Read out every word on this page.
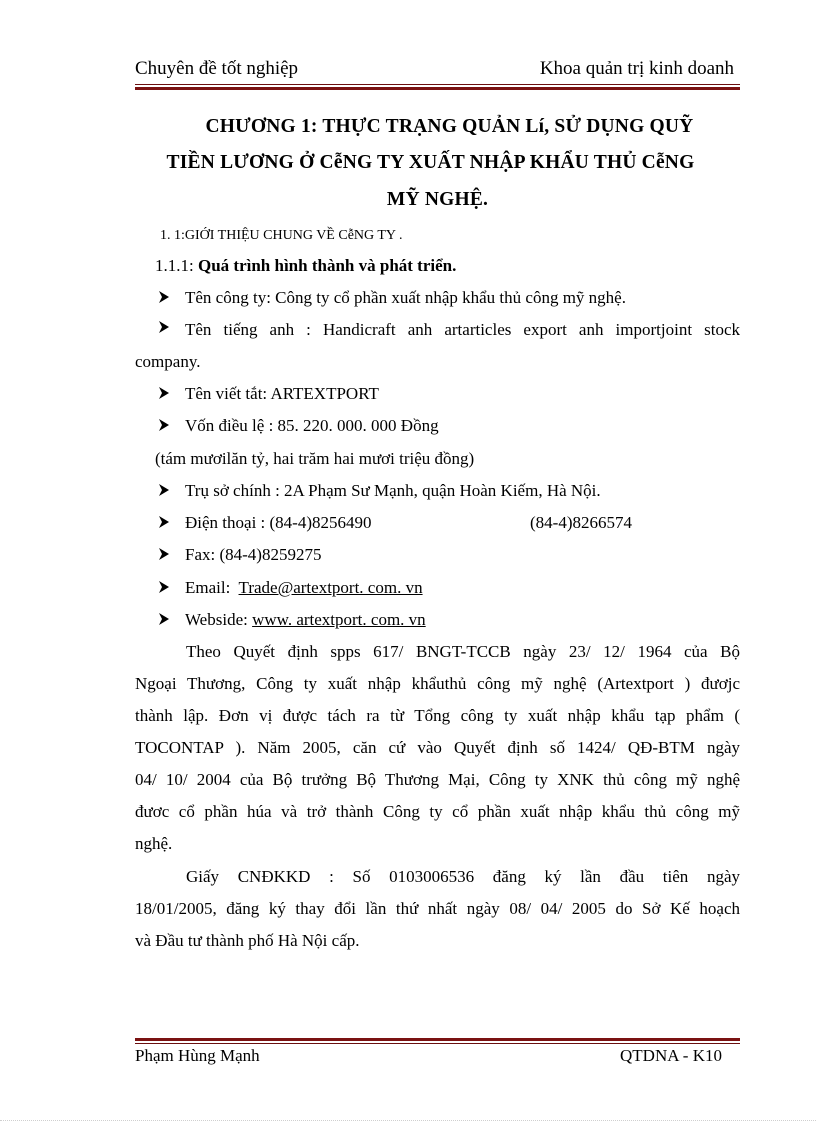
Chuyên đề tốt nghiệp	Khoa quản trị kinh doanh
CHƯƠNG 1: THỰC TRẠNG QUẢN Lí, SỬ DỤNG QUỸ
TIỀN LƯƠNG Ở CễNG TY XUẤT NHẬP KHẨU THỦ CễNG
MỸ NGHỆ.
1. 1:GIỚI THIỆU CHUNG VỀ CễNG TY .
1.1.1: Quá trình hình thành và phát triển.
Tên công ty: Công ty cổ phần xuất nhập khẩu thủ công mỹ nghệ.
Tên tiếng anh : Handicraft anh artarticles export anh importjoint stock
company.
Tên viết tắt: ARTEXTPORT
Vốn điều lệ : 85. 220. 000. 000 Đồng
(tám mươilăn tỷ, hai trăm hai mươi triệu đồng)
Trụ sở chính : 2A Phạm Sư Mạnh, quận Hoàn Kiếm, Hà Nội.
Điện thoại : (84-4)8256490	(84-4)8266574
Fax: (84-4)8259275
Email: Trade@artextport. com. vn
Webside: www. artextport. com. vn
Theo Quyết định spps 617/ BNGT-TCCB ngày 23/ 12/ 1964 của Bộ
Ngoại Thương, Công ty xuất nhập khẩuthủ công mỹ nghệ (Artextport ) đươjc
thành lập. Đơn vị được tách ra từ Tổng công ty xuất nhập khẩu tạp phẩm (
TOCONTAP ). Năm 2005, căn cứ vào Quyết định số 1424/ QĐ-BTM ngày
04/ 10/ 2004 của Bộ trưởng Bộ Thương Mại, Công ty XNK thủ công mỹ nghệ
đươc cổ phần húa và trở thành Công ty cổ phần xuất nhập khẩu thủ công mỹ
nghệ.
Giấy CNĐKKD : Số 0103006536 đăng ký lần đầu tiên ngày
18/01/2005, đăng ký thay đổi lần thứ nhất ngày 08/ 04/ 2005 do Sở Kế hoạch
và Đầu tư thành phố Hà Nội cấp.
Phạm Hùng Mạnh	QTDNA - K10
